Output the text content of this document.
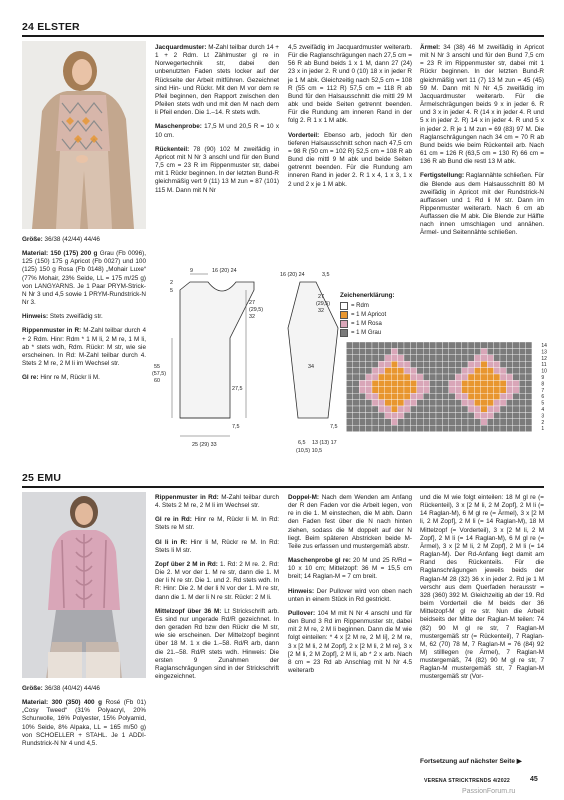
24 ELSTER

Größe: 36/38 (42/44) 44/46

Material: 150 (175) 200 g Grau (Fb 0096), 125 (150) 175 g Apricot (Fb 0027) und 100 (125) 150 g Rosa (Fb 0148) „Mohair Luxe“ (77% Mohair, 23% Seide, LL = 175 m/25 g) von LANGYARNS. Je 1 Paar PRYM-Strick-N Nr 3 und 4,5 sowie 1 PRYM-Rundstrick-N Nr 3.

Hinweis: Stets zweifädig str.

Rippenmuster in R: M-Zahl teilbar durch 4 + 2 Rdm. Hinr: Rdm * 1 M li, 2 M re, 1 M li, ab * stets wdh, Rdm. Rückr: M str, wie sie erscheinen. In Rd: M-Zahl teilbar durch 4. Stets 2 M re, 2 M li im Wechsel str.

Gl re: Hinr re M, Rückr li M.

Jacquardmuster: M-Zahl teilbar durch 14 + 1 + 2 Rdm. Lt Zählmuster gl re in Norwegertechnik str, dabei den unbenutzten Faden stets locker auf der Rückseite der Arbeit mitführen. Gezeichnet sind Hin- und Rückr. Mit den M vor dem re Pfeil beginnen, den Rapport zwischen den Pfeilen stets wdh und mit den M nach dem li Pfeil enden. Die 1.–14. R stets wdh.

Maschenprobe: 17,5 M und 20,5 R = 10 x 10 cm.

Rückenteil: 78 (90) 102 M zweifädig in Apricot mit N Nr 3 anschl und für den Bund 7,5 cm = 23 R im Rippenmuster str, dabei mit 1 Rückr beginnen. In der letzten Bund-R gleichmäßig vert 9 (11) 13 M zun = 87 (101) 115 M. Dann mit N Nr

4,5 zweifädig im Jacquardmuster weiterarb. Für die Raglanschrägungen nach 27,5 cm = 56 R ab Bund beids 1 x 1 M, dann 27 (24) 23 x in jeder 2. R und 0 (10) 18 x in jeder R je 1 M abk. Gleichzeitig nach 52,5 cm = 108 R (55 cm = 112 R) 57,5 cm = 118 R ab Bund für den Halsausschnitt die mittl 29 M abk und beide Seiten getrennt beenden. Für die Rundung am inneren Rand in der folg 2. R 1 x 1 M abk.

Vorderteil: Ebenso arb, jedoch für den tieferen Halsausschnitt schon nach 47,5 cm = 98 R (50 cm = 102 R) 52,5 cm = 108 R ab Bund die mittl 9 M abk und beide Seiten getrennt beenden. Für die Rundung am inneren Rand in jeder 2. R 1 x 4, 1 x 3, 1 x 2 und 2 x je 1 M abk.

Ärmel: 34 (38) 46 M zweifädig in Apricot mit N Nr 3 anschl und für den Bund 7,5 cm = 23 R im Rippenmuster str, dabei mit 1 Rückr beginnen. In der letzten Bund-R gleichmäßig vert 11 (7) 13 M zun = 45 (45) 59 M. Dann mit N Nr 4,5 zweifädig im Jacquardmuster weiterarb. Für die Ärmelschrägungen beids 9 x in jeder 6. R und 3 x in jeder 4. R (14 x in jeder 4. R und 5 x in jeder 2. R) 14 x in jeder 4. R und 5 x in jeder 2. R je 1 M zun = 69 (83) 97 M. Die Raglanschrägungen nach 34 cm = 70 R ab Bund beids wie beim Rückenteil arb. Nach 61 cm = 126 R (63,5 cm = 130 R) 66 cm = 136 R ab Bund die restl 13 M abk.

Fertigstellung: Raglannähte schließen. Für die Blende aus dem Halsausschnitt 80 M zweifädig in Apricot mit der Rundstrick-N auffassen und 1 Rd li M str. Dann im Rippenmuster weiterarb. Nach 6 cm ab Auffassen die M abk. Die Blende zur Hälfte nach innen umschlagen und annähen. Ärmel- und Seitennähte schließen.

9	16 (20) 24
2
5
27
(29,5)
32
55
(57,5)
60
27,5
7,5
25 (29) 33
16 (20) 24	3,5
27
(29,5)
32
34
7,5
6,5 13 (13) 17
(10,5) 10,5
Zeichenerklärung:
= Rdm
= 1 M Apricot
= 1 M Rosa
= 1 M Grau
14
12
10
8
6
4
2
13
11
9
7
5
3
1
25 EMU

Größe: 36/38 (40/42) 44/46

Material: 300 (350) 400 g Rosé (Fb 01) „Cosy Tweed“ (31% Polyacryl, 20% Schurwolle, 16% Polyester, 15% Polyamid, 10% Seide, 8% Alpaka, LL = 165 m/50 g) von SCHOELLER + STAHL. Je 1 ADDI-Rundstrick-N Nr 4 und 4,5.

Rippenmuster in Rd: M-Zahl teilbar durch 4. Stets 2 M re, 2 M li im Wechsel str.

Gl re in Rd: Hinr re M, Rückr li M. In Rd: Stets re M str.

Gl li in R: Hinr li M, Rückr re M. In Rd: Stets li M str.

Zopf über 2 M in Rd: 1. Rd: 2 M re. 2. Rd: Die 2. M vor der 1. M re str, dann die 1. M der li N re str. Die 1. und 2. Rd stets wdh. In R: Hinr: Die 2. M der li N vor der 1. M re str, dann die 1. M der li N re str. Rückr: 2 M li.

Mittelzopf über 36 M: Lt Strickschrift arb. Es sind nur ungerade Rd/R gezeichnet. In den geraden Rd bzw den Rückr die M str, wie sie erscheinen. Der Mittelzopf beginnt über 18 M. 1 x die 1.–58. Rd/R arb, dann die 21.–58. Rd/R stets wdh. Hinweis: Die ersten 9 Zunahmen der Raglanschrägungen sind in der Strickschrift eingezeichnet.

Doppel-M: Nach dem Wenden am Anfang der R den Faden vor die Arbeit legen, von re in die 1. M einstechen, die M abh. Dann den Faden fest über die N nach hinten ziehen, sodass die M doppelt auf der N liegt. Beim späteren Abstricken beide M-Teile zus erfassen und mustergemäß abstr.

Maschenprobe gl re: 20 M und 25 R/Rd = 10 x 10 cm; Mittelzopf: 36 M = 15,5 cm breit; 14 Raglan-M = 7 cm breit.

Hinweis: Der Pullover wird von oben nach unten in einem Stück in Rd gestrickt.

Pullover: 104 M mit N Nr 4 anschl und für den Bund 3 Rd im Rippenmuster str, dabei mit 2 M re, 2 M li beginnen. Dann die M wie folgt einteilen: * 4 x [2 M re, 2 M li], 2 M re, 3 x [2 M li, 2 M Zopf], 2 x [2 M li, 2 M re], 3 x [2 M li, 2 M Zopf], 2 M li, ab * 2 x arb. Nach 8 cm = 23 Rd ab Anschlag mit N Nr 4.5 weiterarb

und die M wie folgt einteilen: 18 M gl re (= Rückenteil), 3 x [2 M li, 2 M Zopf], 2 M li (= 14 Raglan-M), 6 M gl re (= Ärmel), 3 x [2 M li, 2 M Zopf], 2 M li (= 14 Raglan-M), 18 M Mittelzopf (= Vorderteil), 3 x [2 M li, 2 M Zopf], 2 M li (= 14 Raglan-M), 6 M gl re (= Ärmel), 3 x [2 M li, 2 M Zopf], 2 M li (= 14 Raglan-M). Der Rd-Anfang liegt damit am Rand des Rückenteils. Für die Raglanschrägungen jeweils beids der Raglan-M 28 (32) 36 x in jeder 2. Rd je 1 M verschr aus dem Querfaden herausstr = 328 (360) 392 M. Gleichzeitig ab der 19. Rd beim Vorderteil die M beids der 36 Mittelzopf-M gl re str. Nun die Arbeit beidseits der Mitte der Raglan-M teilen: 74 (82) 90 M gl re str, 7 Raglan-M mustergemäß str (= Rückenteil), 7 Raglan-M, 62 (70) 78 M, 7 Raglan-M = 76 (84) 92 M) stilllegen (re Ärmel), 7 Raglan-M mustergemäß, 74 (82) 90 M gl re str, 7 Raglan-M mustergemäß str, 7 Raglan-M mustergemäß str (Vor-

Fortsetzung auf nächster Seite ▶
VERENA STRICKTRENDS 4/2022	45
PassionForum.ru
